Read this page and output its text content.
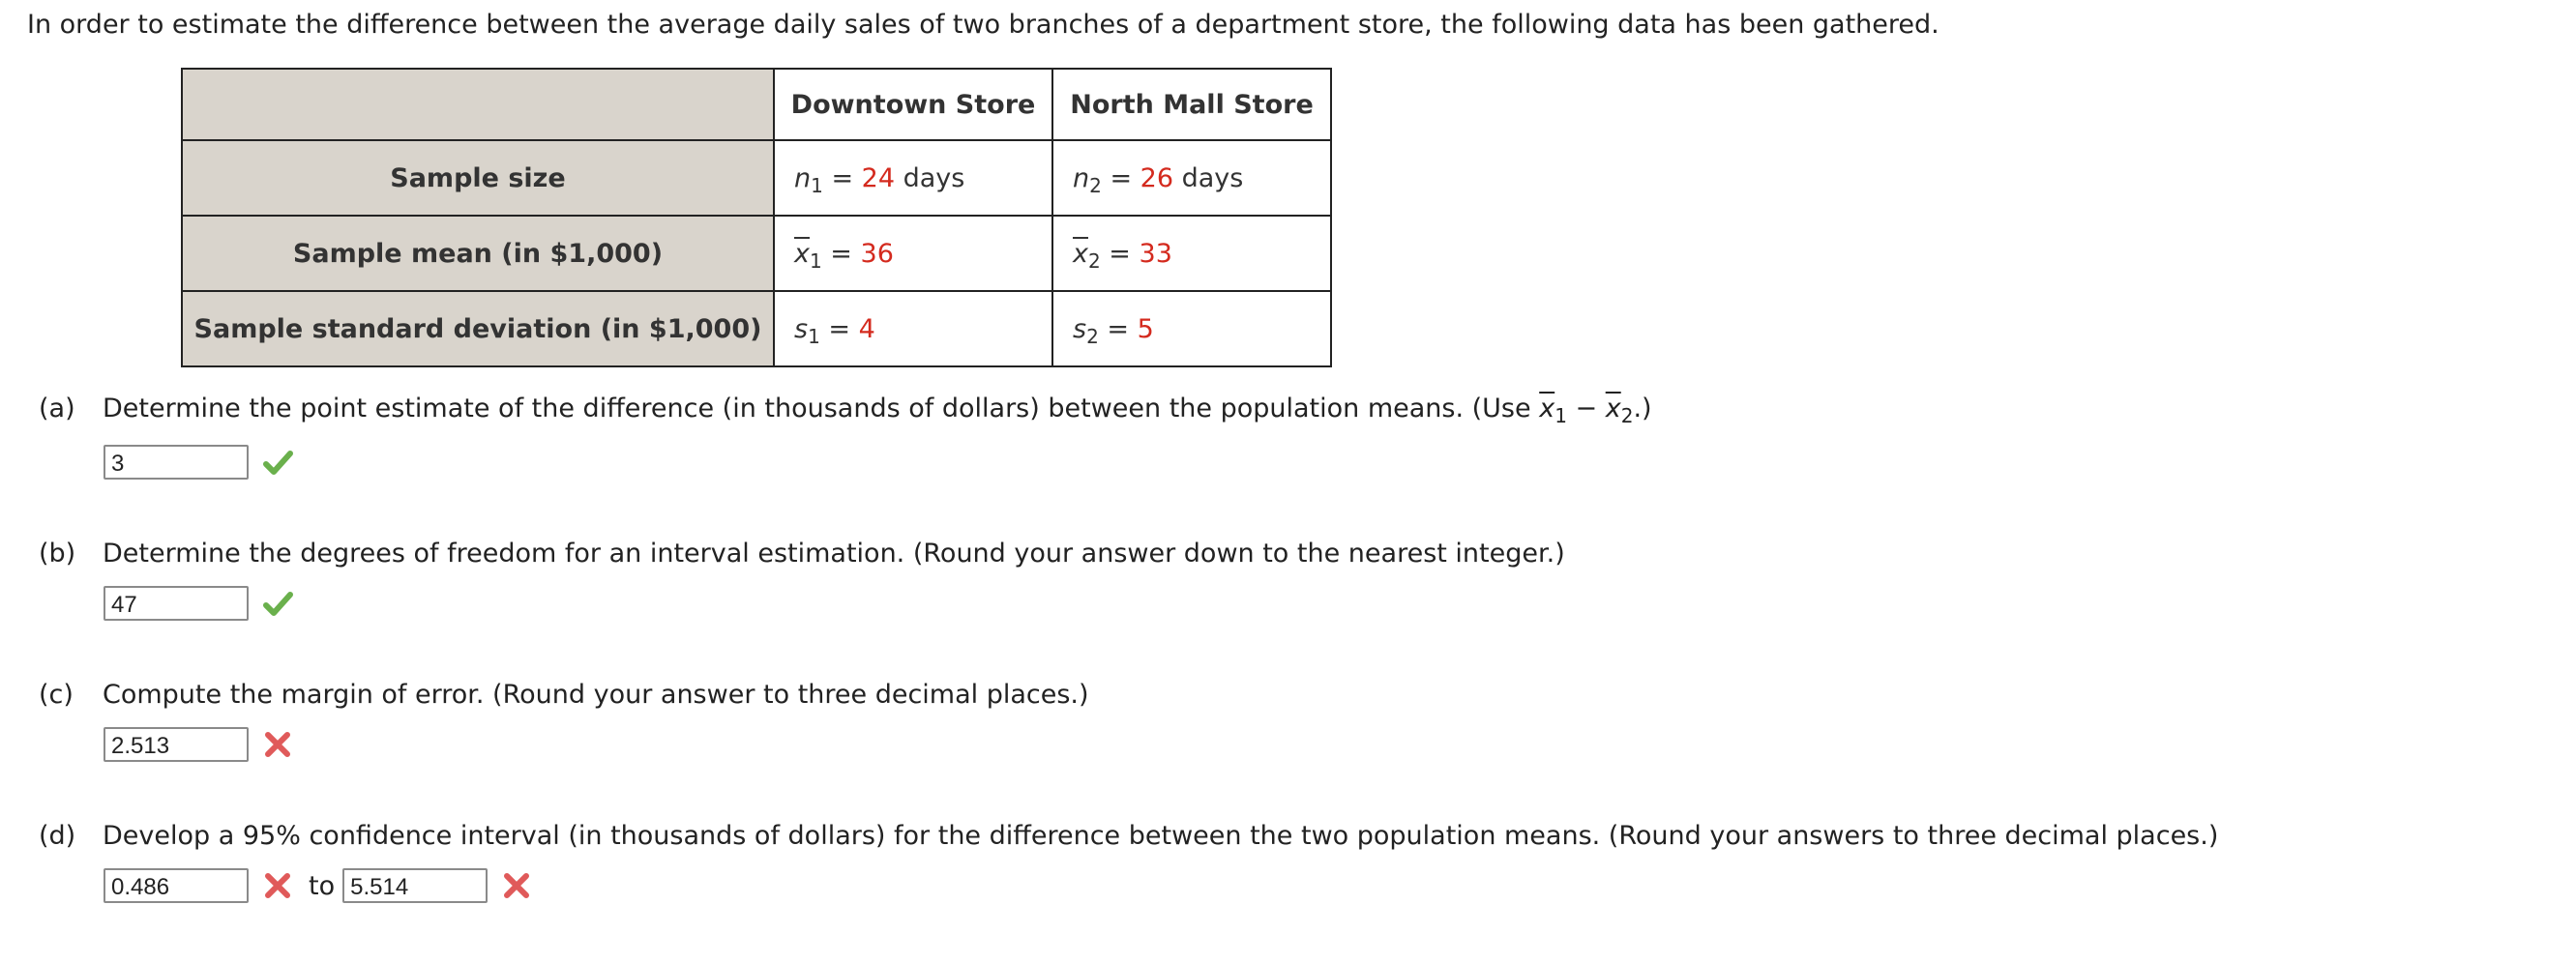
In order to estimate the difference between the average daily sales of two branches of a department store, the following data has been gathered.
	Downtown Store	North Mall Store
Sample size	$n_1 = 24$ days	$n_2 = 26$ days
Sample mean (in $1,000)	$\overline{x}_1 = 36$	$\overline{x}_2 = 33$
Sample standard deviation (in $1,000)	$s_1 = 4$	$s_2 = 5$
(a) Determine the point estimate of the difference (in thousands of dollars) between the population means. (Use $\overline{x}_1 - \overline{x}_2$.)
3
(b) Determine the degrees of freedom for an interval estimation. (Round your answer down to the nearest integer.)
47
(c) Compute the margin of error. (Round your answer to three decimal places.)
2.513
(d) Develop a 95% confidence interval (in thousands of dollars) for the difference between the two population means. (Round your answers to three decimal places.)
0.486	to 5.514
